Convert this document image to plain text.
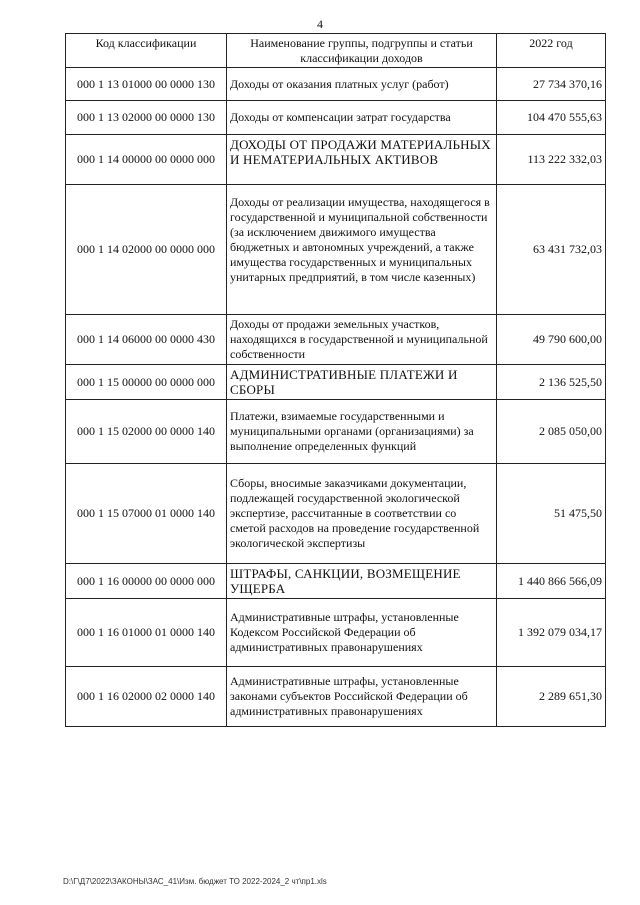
4
Код классификации	Наименование группы, подгруппы и статьи классификации доходов	2022 год
000 1 13 01000 00 0000 130	Доходы от оказания платных услуг (работ)	27 734 370,16
000 1 13 02000 00 0000 130	Доходы от компенсации затрат государства	104 470 555,63
000 1 14 00000 00 0000 000	ДОХОДЫ ОТ ПРОДАЖИ МАТЕРИАЛЬНЫХ И НЕМАТЕРИАЛЬНЫХ АКТИВОВ	113 222 332,03
000 1 14 02000 00 0000 000	Доходы от реализации имущества, находящегося в государственной и муниципальной собственности (за исключением движимого имущества бюджетных и автономных учреждений, а также имущества государственных и муниципальных унитарных предприятий, в том числе казенных)	63 431 732,03
000 1 14 06000 00 0000 430	Доходы от продажи земельных участков, находящихся в государственной и муниципальной собственности	49 790 600,00
000 1 15 00000 00 0000 000	АДМИНИСТРАТИВНЫЕ ПЛАТЕЖИ И СБОРЫ	2 136 525,50
000 1 15 02000 00 0000 140	Платежи, взимаемые государственными и муниципальными органами (организациями) за выполнение определенных функций	2 085 050,00
000 1 15 07000 01 0000 140	Сборы, вносимые заказчиками документации, подлежащей государственной экологической экспертизе, рассчитанные в соответствии со сметой расходов на проведение государственной экологической экспертизы	51 475,50
000 1 16 00000 00 0000 000	ШТРАФЫ, САНКЦИИ, ВОЗМЕЩЕНИЕ УЩЕРБА	1 440 866 566,09
000 1 16 01000 01 0000 140	Административные штрафы, установленные Кодексом Российской Федерации об административных правонарушениях	1 392 079 034,17
000 1 16 02000 02 0000 140	Административные штрафы, установленные законами субъектов Российской Федерации об административных правонарушениях	2 289 651,30
D:\Г\Д7\2022\ЗАКОНЫ\ЗАС_41\Изм. бюджет ТО 2022-2024_2 чт\пр1.xls
